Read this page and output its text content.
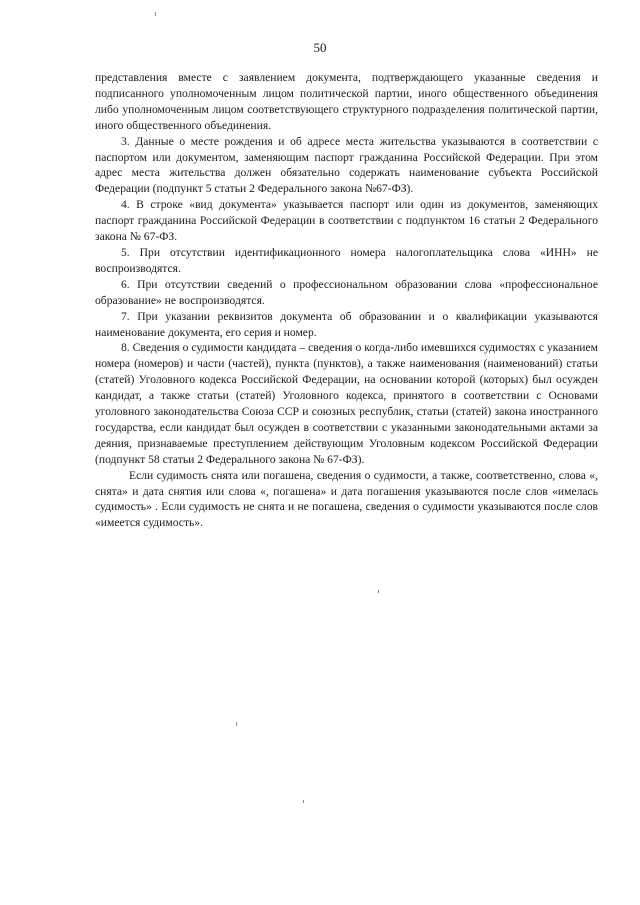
50

представления вместе с заявлением документа, подтверждающего указанные сведения и подписанного уполномоченным лицом политической партии, иного общественного объединения либо уполномоченным лицом соответствующего структурного подразделения политической партии, иного общественного объединения.

3. Данные о месте рождения и об адресе места жительства указываются в соответствии с паспортом или документом, заменяющим паспорт гражданина Российской Федерации. При этом адрес места жительства должен обязательно содержать наименование субъекта Российской Федерации (подпункт 5 статьи 2 Федерального закона №67-ФЗ).

4. В строке «вид документа» указывается паспорт или один из документов, заменяющих паспорт гражданина Российской Федерации в соответствии с подпунктом 16 статьи 2 Федерального закона № 67-ФЗ.

5. При отсутствии идентификационного номера налогоплательщика слова «ИНН» не воспроизводятся.

6. При отсутствии сведений о профессиональном образовании слова «профессиональное образование» не воспроизводятся.

7. При указании реквизитов документа об образовании и о квалификации указываются наименование документа, его серия и номер.

8. Сведения о судимости кандидата – сведения о когда-либо имевшихся судимостях с указанием номера (номеров) и части (частей), пункта (пунктов), а также наименования (наименований) статьи (статей) Уголовного кодекса Российской Федерации, на основании которой (которых) был осужден кандидат, а также статьи (статей) Уголовного кодекса, принятого в соответствии с Основами уголовного законодательства Союза ССР и союзных республик, статьи (статей) закона иностранного государства, если кандидат был осужден в соответствии с указанными законодательными актами за деяния, признаваемые преступлением действующим Уголовным кодексом Российской Федерации (подпункт 58 статьи 2 Федерального закона № 67-ФЗ).

Если судимость снята или погашена, сведения о судимости, а также, соответственно, слова «, снята» и дата снятия или слова «, погашена» и дата погашения указываются после слов «имелась судимость» . Если судимость не снята и не погашена, сведения о судимости указываются после слов «имеется судимость».
